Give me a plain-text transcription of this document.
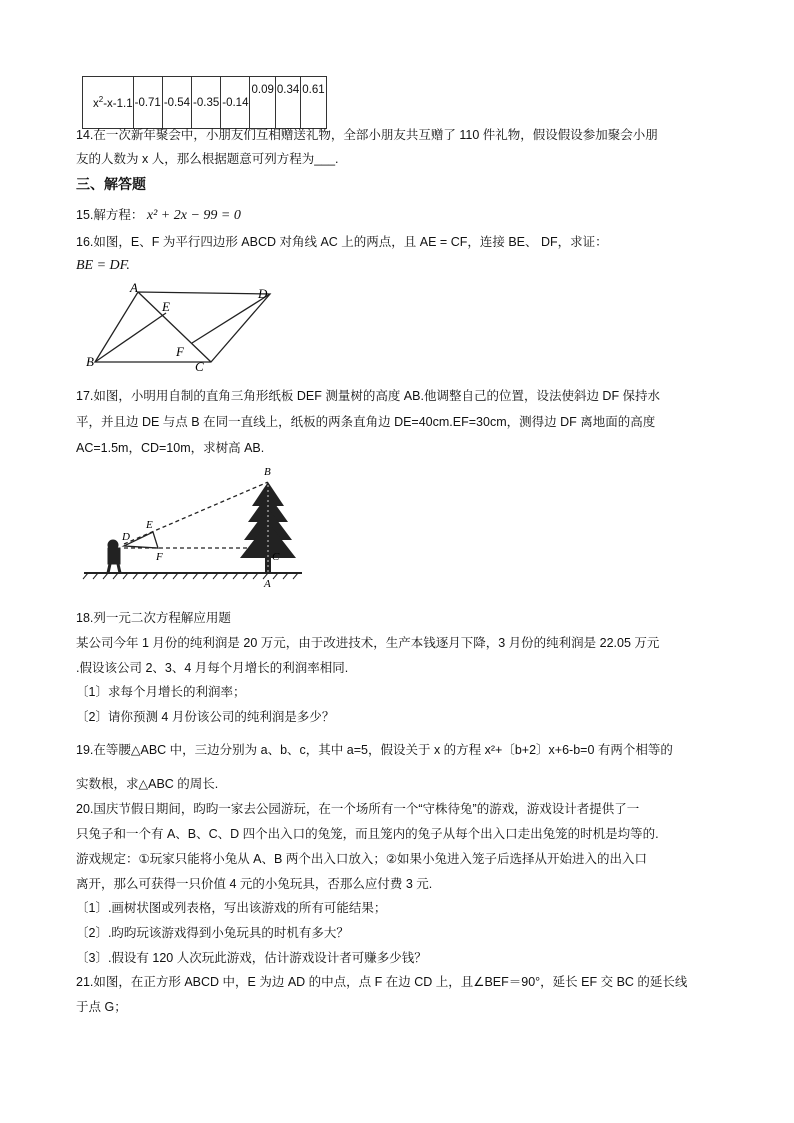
$x^2-x-1.1$	-0.71	-0.54	-0.35	-0.14	0.09	0.34	0.61
14.在一次新年聚会中，小朋友们互相赠送礼物，全部小朋友共互赠了 110 件礼物，假设假设参加聚会小朋
友的人数为 x 人，那么根据题意可列方程为___.
三、解答题
15.解方程： x² + 2x − 99 = 0
16.如图，E、F 为平行四边形 ABCD 对角线 AC 上的两点，且 AE = CF，连接 BE、 DF，求证：
BE = DF.
A	D
E
F
B	C
17.如图，小明用自制的直角三角形纸板 DEF 测量树的高度 AB.他调整自己的位置，设法使斜边 DF 保持水
平，并且边 DE 与点 B 在同一直线上，纸板的两条直角边 DE=40cm.EF=30cm，测得边 DF 离地面的高度
AC=1.5m，CD=10m，求树高 AB.
B
E
D
F	C
A
18.列一元二次方程解应用题
某公司今年 1 月份的纯利润是 20 万元，由于改进技术，生产本钱逐月下降，3 月份的纯利润是 22.05 万元
.假设该公司 2、3、4 月每个月增长的利润率相同.
〔1〕求每个月增长的利润率；
〔2〕请你预测 4 月份该公司的纯利润是多少？
19.在等腰△ABC 中，三边分别为 a、b、c，其中 a=5，假设关于 x 的方程 x²+〔b+2〕x+6-b=0 有两个相等的
实数根，求△ABC 的周长.
20.国庆节假日期间，昀昀一家去公园游玩，在一个场所有一个“守株待兔”的游戏，游戏设计者提供了一
只兔子和一个有 A、B、C、D 四个出入口的兔笼，而且笼内的兔子从每个出入口走出兔笼的时机是均等的.
游戏规定：①玩家只能将小兔从 A、B 两个出入口放入；②如果小兔进入笼子后选择从开始进入的出入口
离开，那么可获得一只价值 4 元的小兔玩具，否那么应付费 3 元.
〔1〕.画树状图或列表格，写出该游戏的所有可能结果；
〔2〕.昀昀玩该游戏得到小兔玩具的时机有多大？
〔3〕.假设有 120 人次玩此游戏，估计游戏设计者可赚多少钱？
21.如图，在正方形 ABCD 中，E 为边 AD 的中点，点 F 在边 CD 上，且∠BEF＝90°，延长 EF 交 BC 的延长线
于点 G；
